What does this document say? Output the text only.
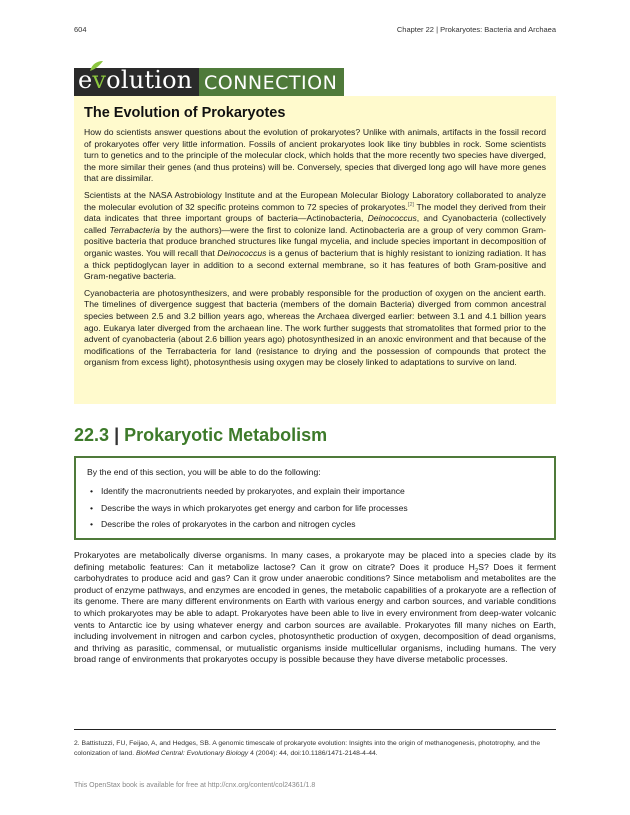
604	Chapter 22 | Prokaryotes: Bacteria and Archaea
evolution CONNECTION
The Evolution of Prokaryotes

How do scientists answer questions about the evolution of prokaryotes? Unlike with animals, artifacts in the fossil record of prokaryotes offer very little information. Fossils of ancient prokaryotes look like tiny bubbles in rock. Some scientists turn to genetics and to the principle of the molecular clock, which holds that the more recently two species have diverged, the more similar their genes (and thus proteins) will be. Conversely, species that diverged long ago will have more genes that are dissimilar.

Scientists at the NASA Astrobiology Institute and at the European Molecular Biology Laboratory collaborated to analyze the molecular evolution of 32 specific proteins common to 72 species of prokaryotes.[2] The model they derived from their data indicates that three important groups of bacteria—Actinobacteria, Deinococcus, and Cyanobacteria (collectively called Terrabacteria by the authors)—were the first to colonize land. Actinobacteria are a group of very common Gram-positive bacteria that produce branched structures like fungal mycelia, and include species important in decomposition of organic wastes. You will recall that Deinococcus is a genus of bacterium that is highly resistant to ionizing radiation. It has a thick peptidoglycan layer in addition to a second external membrane, so it has features of both Gram-positive and Gram-negative bacteria.

Cyanobacteria are photosynthesizers, and were probably responsible for the production of oxygen on the ancient earth. The timelines of divergence suggest that bacteria (members of the domain Bacteria) diverged from common ancestral species between 2.5 and 3.2 billion years ago, whereas the Archaea diverged earlier: between 3.1 and 4.1 billion years ago. Eukarya later diverged from the archaean line. The work further suggests that stromatolites that formed prior to the advent of cyanobacteria (about 2.6 billion years ago) photosynthesized in an anoxic environment and that because of the modifications of the Terrabacteria for land (resistance to drying and the possession of compounds that protect the organism from excess light), photosynthesis using oxygen may be closely linked to adaptations to survive on land.

22.3 | Prokaryotic Metabolism

By the end of this section, you will be able to do the following:

• Identify the macronutrients needed by prokaryotes, and explain their importance
• Describe the ways in which prokaryotes get energy and carbon for life processes
• Describe the roles of prokaryotes in the carbon and nitrogen cycles

Prokaryotes are metabolically diverse organisms. In many cases, a prokaryote may be placed into a species clade by its defining metabolic features: Can it metabolize lactose? Can it grow on citrate? Does it produce $H_2S$? Does it ferment carbohydrates to produce acid and gas? Can it grow under anaerobic conditions? Since metabolism and metabolites are the product of enzyme pathways, and enzymes are encoded in genes, the metabolic capabilities of a prokaryote are a reflection of its genome. There are many different environments on Earth with various energy and carbon sources, and variable conditions to which prokaryotes may be able to adapt. Prokaryotes have been able to live in every environment from deep-water volcanic vents to Antarctic ice by using whatever energy and carbon sources are available. Prokaryotes fill many niches on Earth, including involvement in nitrogen and carbon cycles, photosynthetic production of oxygen, decomposition of dead organisms, and thriving as parasitic, commensal, or mutualistic organisms inside multicellular organisms, including humans. The very broad range of environments that prokaryotes occupy is possible because they have diverse metabolic processes.

2. Battistuzzi, FU, Feijao, A, and Hedges, SB. A genomic timescale of prokaryote evolution: Insights into the origin of methanogenesis, phototrophy, and the colonization of land. BioMed Central: Evolutionary Biology 4 (2004): 44, doi:10.1186/1471-2148-4-44.

This OpenStax book is available for free at http://cnx.org/content/col24361/1.8
